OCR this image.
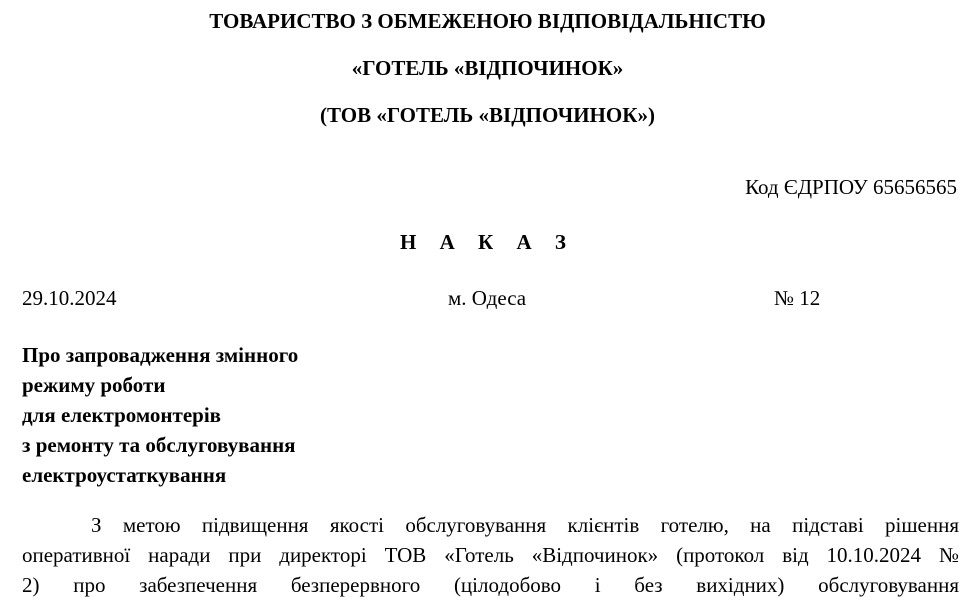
ТОВАРИСТВО З ОБМЕЖЕНОЮ ВІДПОВІДАЛЬНІСТЮ
«ГОТЕЛЬ «ВІДПОЧИНОК»
(ТОВ «ГОТЕЛЬ «ВІДПОЧИНОК»)
Код ЄДРПОУ 65656565
Н А К А З
29.10.2024	м. Одеса	№ 12
Про запровадження змінного
режиму роботи
для електромонтерів
з ремонту та обслуговування
електроустаткування
З метою підвищення якості обслуговування клієнтів готелю, на підставі рішення
оперативної наради при директорі ТОВ «Готель «Відпочинок» (протокол від 10.10.2024 №
2) про забезпечення безперервного (цілодобово і без вихідних) обслуговування
